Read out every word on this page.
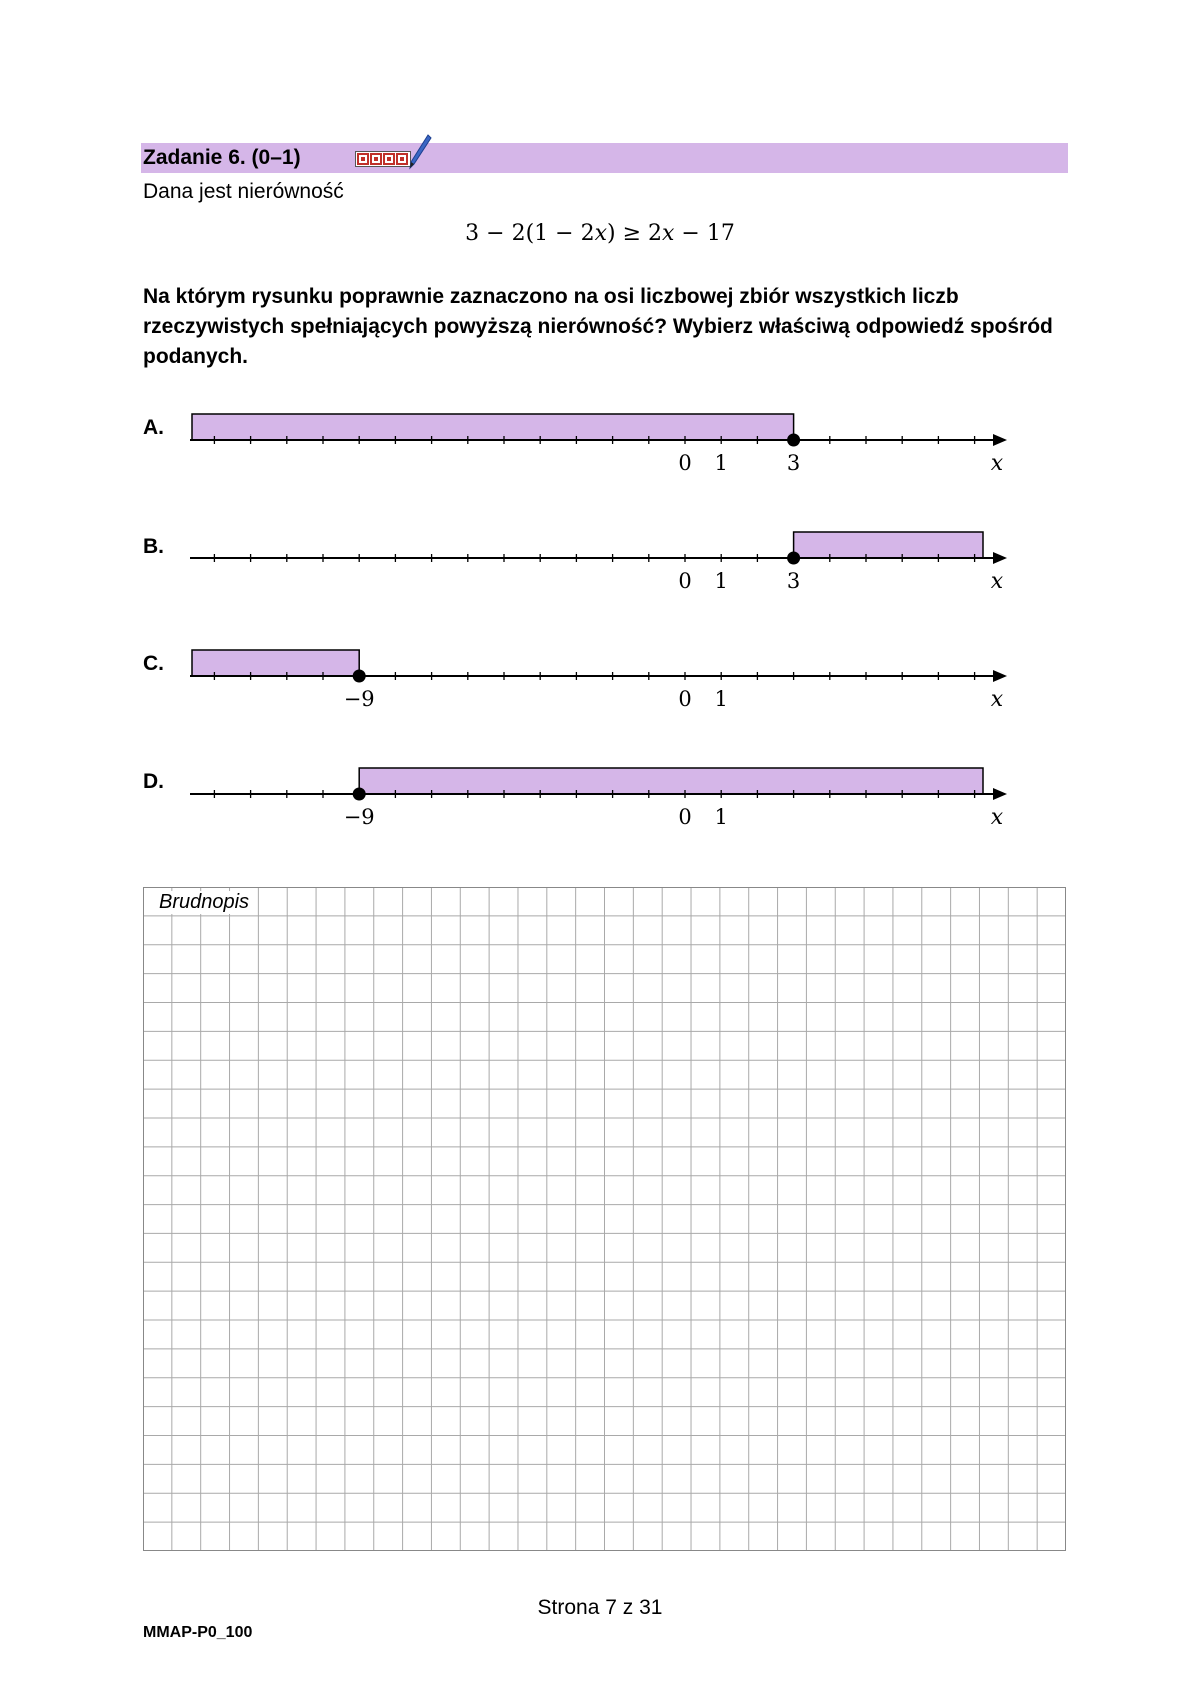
Zadanie 6. (0–1)
Dana jest nierówność
3 − 2(1 − 2𝑥) ≥ 2𝑥 − 17
Na którym rysunku poprawnie zaznaczono na osi liczbowej zbiór wszystkich liczb rzeczywistych spełniających powyższą nierówność? Wybierz właściwą odpowiedź spośród podanych.
A.
B.
C.
D.
0 1	3	x
0 1	3	x
−9	0 1	x
−9	0 1	x
Brudnopis
Strona 7 z 31
MMAP-P0_100
